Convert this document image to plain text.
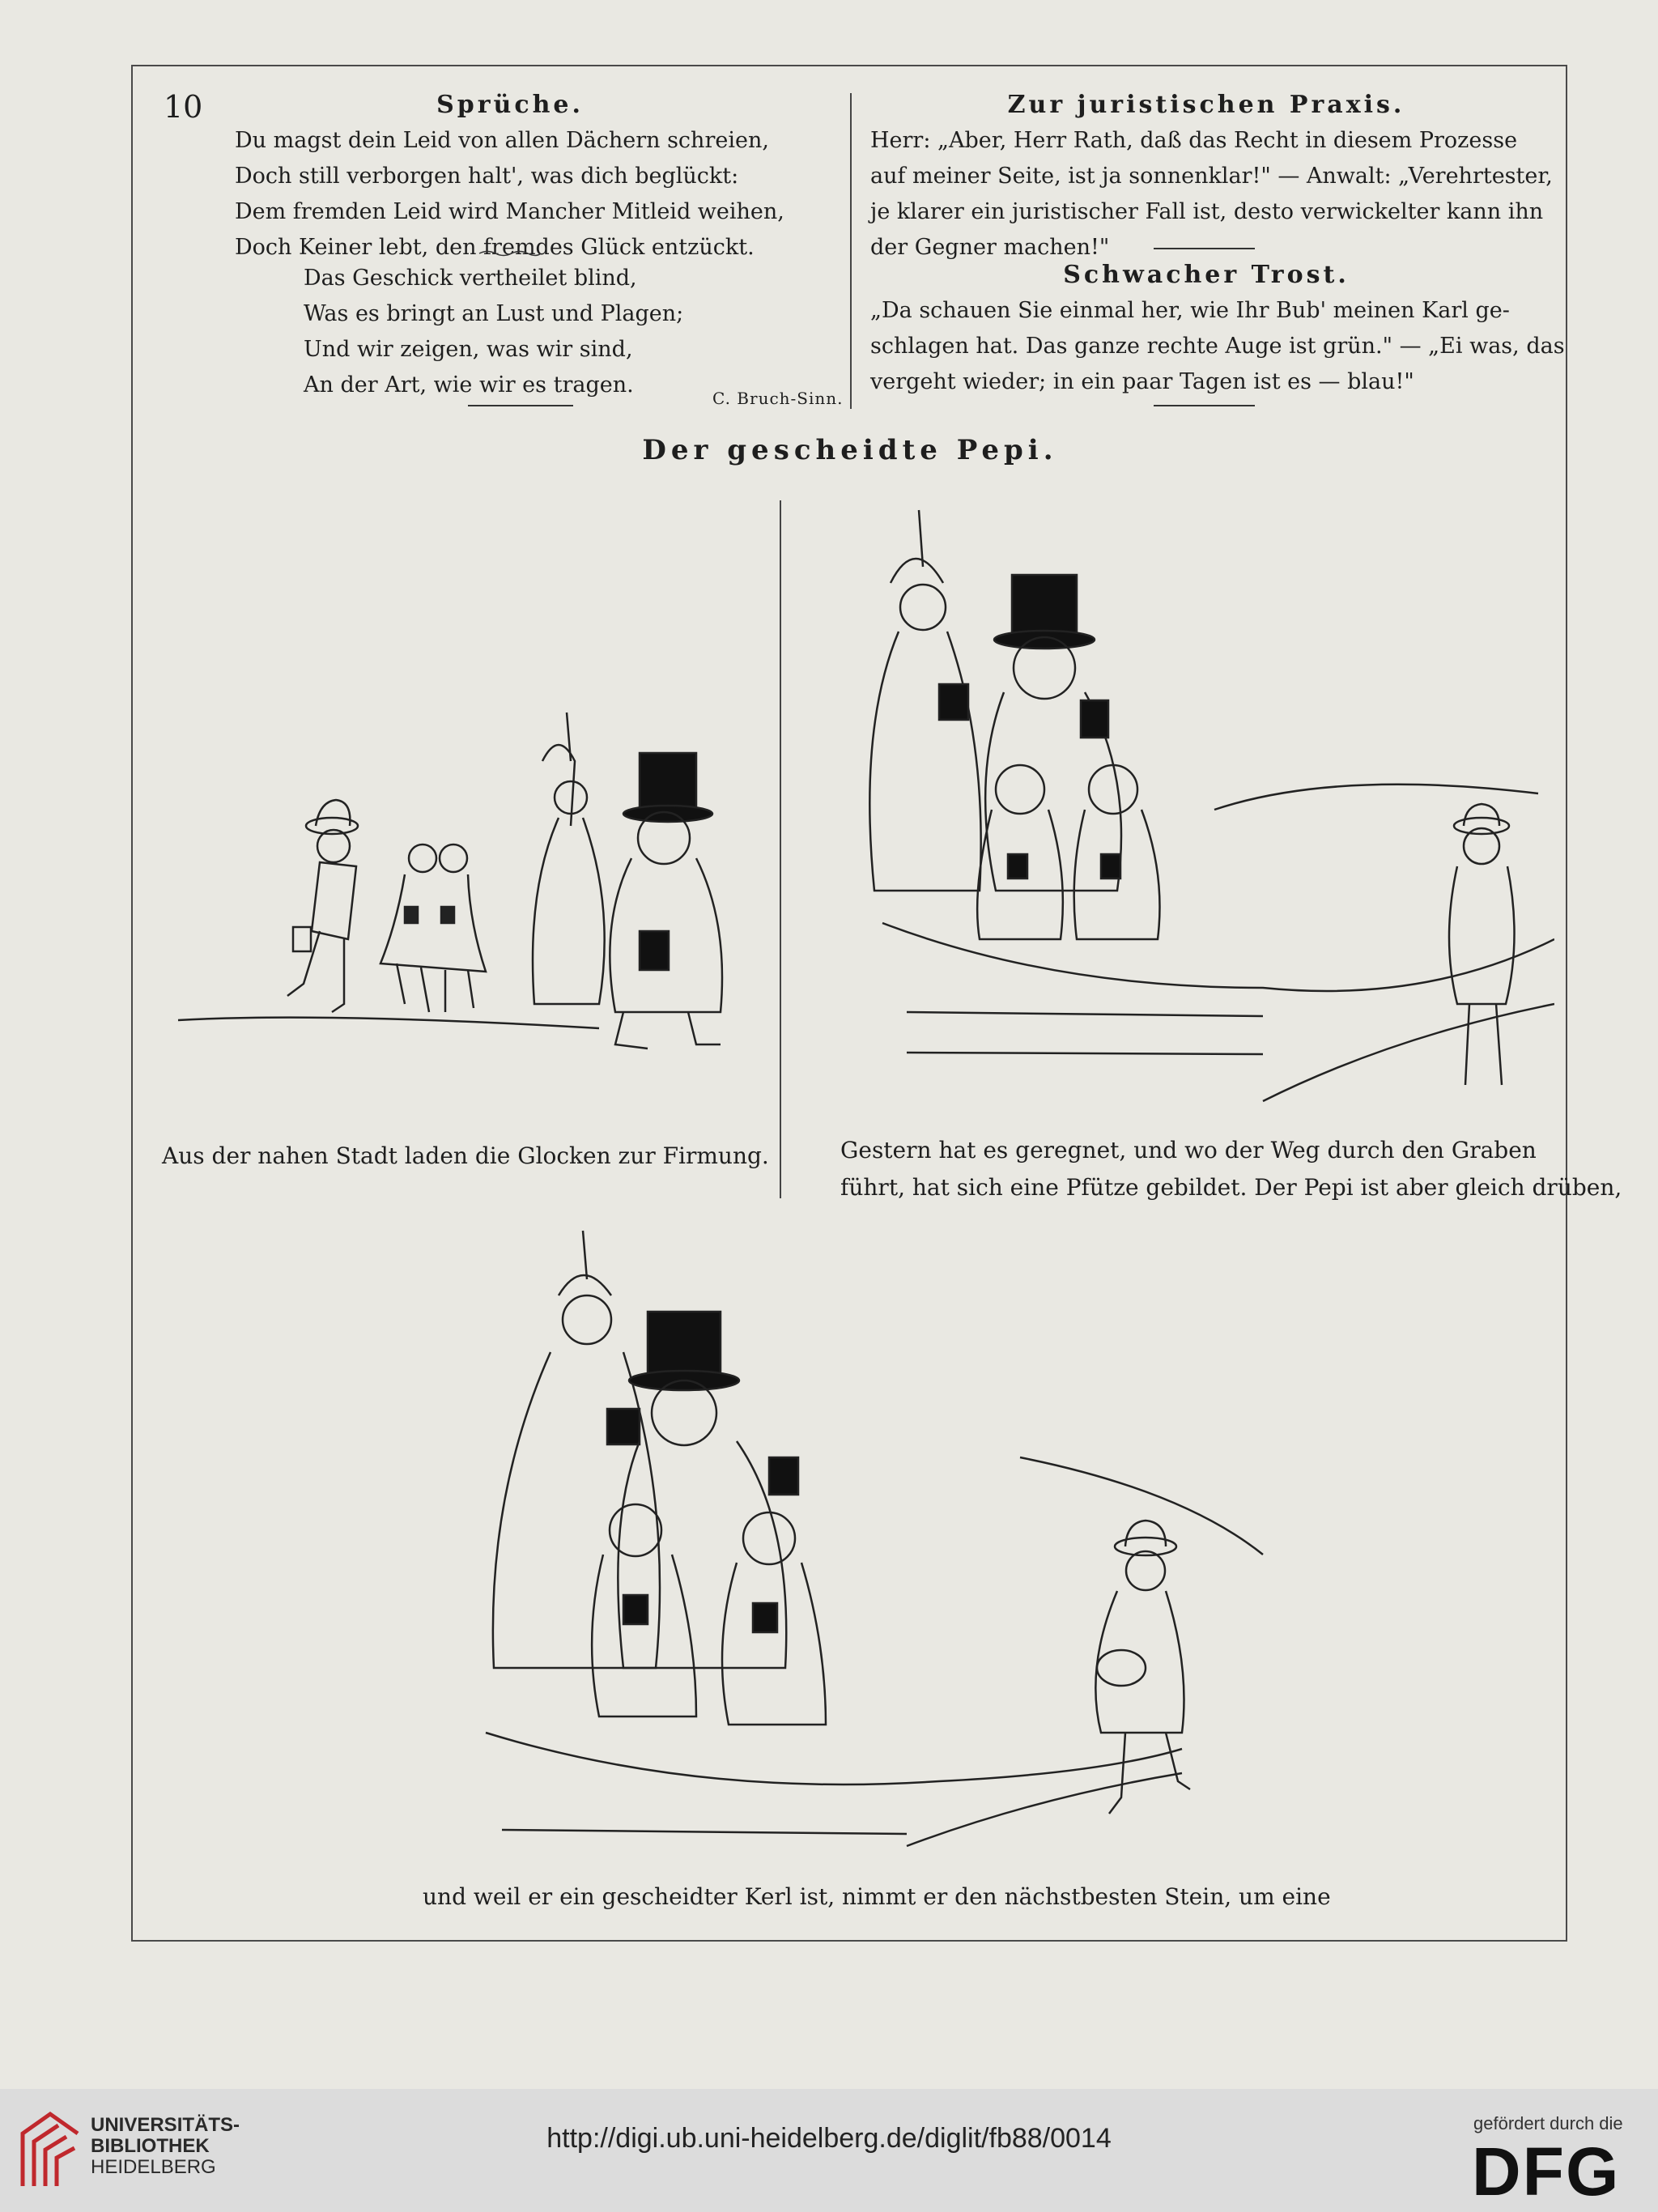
10	Sprüche.
Du magst dein Leid von allen Dächern schreien,
Doch still verborgen halt', was dich beglückt:
Dem fremden Leid wird Mancher Mitleid weihen,
Doch Keiner lebt, den fremdes Glück entzückt.
Das Geschick vertheilet blind,
Was es bringt an Lust und Plagen;
Und wir zeigen, was wir sind,
An der Art, wie wir es tragen.
C. Bruch-Sinn.
Zur juristischen Praxis.
Herr: „Aber, Herr Rath, daß das Recht in diesem Prozesse
auf meiner Seite, ist ja sonnenklar!" — Anwalt: „Verehrtester,
je klarer ein juristischer Fall ist, desto verwickelter kann ihn
der Gegner machen!"
Schwacher Trost.
„Da schauen Sie einmal her, wie Ihr Bub' meinen Karl ge-
schlagen hat. Das ganze rechte Auge ist grün." — „Ei was, das
vergeht wieder; in ein paar Tagen ist es — blau!"
Der gescheidte Pepi.
Aus der nahen Stadt laden die Glocken zur Firmung.	Gestern hat es geregnet, und wo der Weg durch den Graben
führt, hat sich eine Pfütze gebildet. Der Pepi ist aber gleich drüben,
und weil er ein gescheidter Kerl ist, nimmt er den nächstbesten Stein, um eine
UNIVERSITÄTS-
BIBLIOTHEK
HEIDELBERG
http://digi.ub.uni-heidelberg.de/diglit/fb88/0014	gefördert durch die
DFG
